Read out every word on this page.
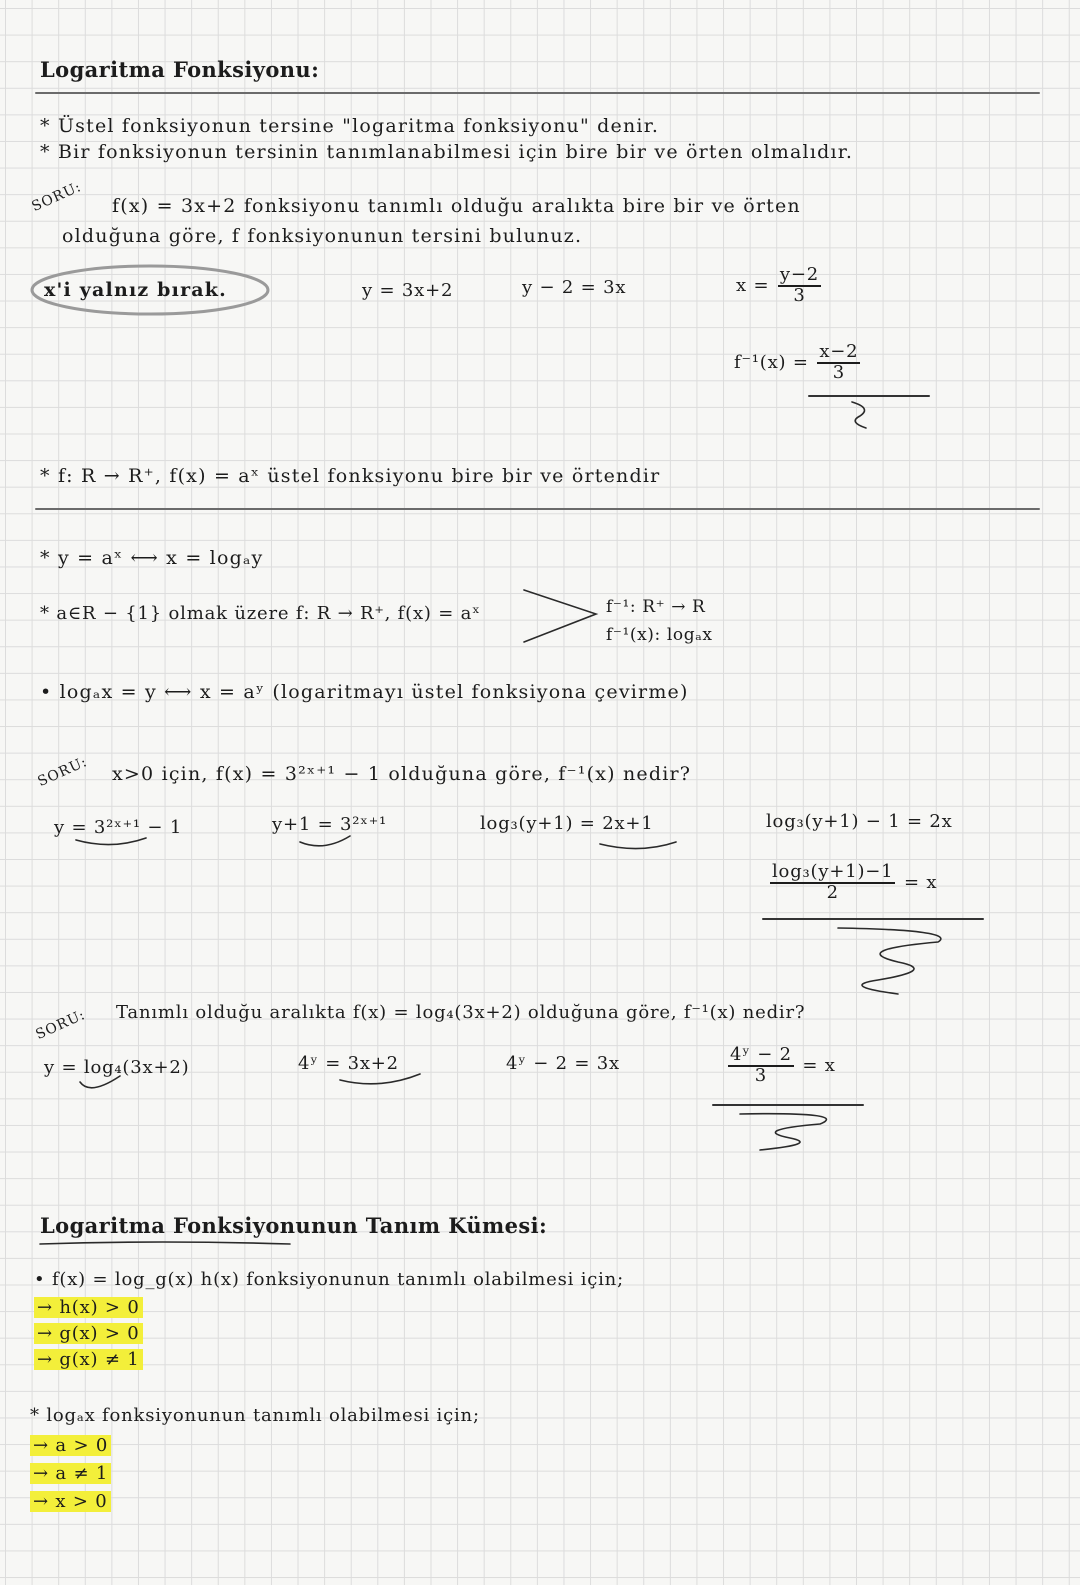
Logaritma Fonksiyonu:
* Üstel fonksiyonun tersine "logaritma fonksiyonu" denir.
* Bir fonksiyonun tersinin tanımlanabilmesi için bire bir ve örten olmalıdır.
SORU: f(x) = 3x+2 fonksiyonu tanımlı olduğu aralıkta bire bir ve örten
olduğuna göre, f fonksiyonunun tersini bulunuz.
x'i yalnız bırak.	y = 3x+2	y − 2 = 3x	$x = \frac{y-2}{3}$
$f^{-1}(x) = \frac{x-2}{3}$
* f: R → R⁺, f(x) = aˣ üstel fonksiyonu bire bir ve örtendir
* y = aˣ ⟷ x = logₐy
* a∈R − {1} olmak üzere f: R → R⁺, f(x) = aˣ	f⁻¹: R⁺ → R
f⁻¹(x): logₐx
• logₐx = y ⟷ x = aʸ (logaritmayı üstel fonksiyona çevirme)
SORU: x>0 için, f(x) = 3²ˣ⁺¹ − 1 olduğuna göre, f⁻¹(x) nedir?
y = 3²ˣ⁺¹ − 1	y+1 = 3²ˣ⁺¹	log₃(y+1) = 2x+1	log₃(y+1) − 1 = 2x
$\frac{\text{log₃(y+1)−1}}{2} = x$
SORU: Tanımlı olduğu aralıkta f(x) = log₄(3x+2) olduğuna göre, f⁻¹(x) nedir?
y = log₄(3x+2)	4ʸ = 3x+2	4ʸ − 2 = 3x	$\frac{\text{4ʸ − 2}}{3} = x$
Logaritma Fonksiyonunun Tanım Kümesi:
• f(x) = log_g(x) h(x) fonksiyonunun tanımlı olabilmesi için;
→ h(x) > 0
→ g(x) > 0
→ g(x) ≠ 1
* logₐx fonksiyonunun tanımlı olabilmesi için;
→ a > 0
→ a ≠ 1
→ x > 0
